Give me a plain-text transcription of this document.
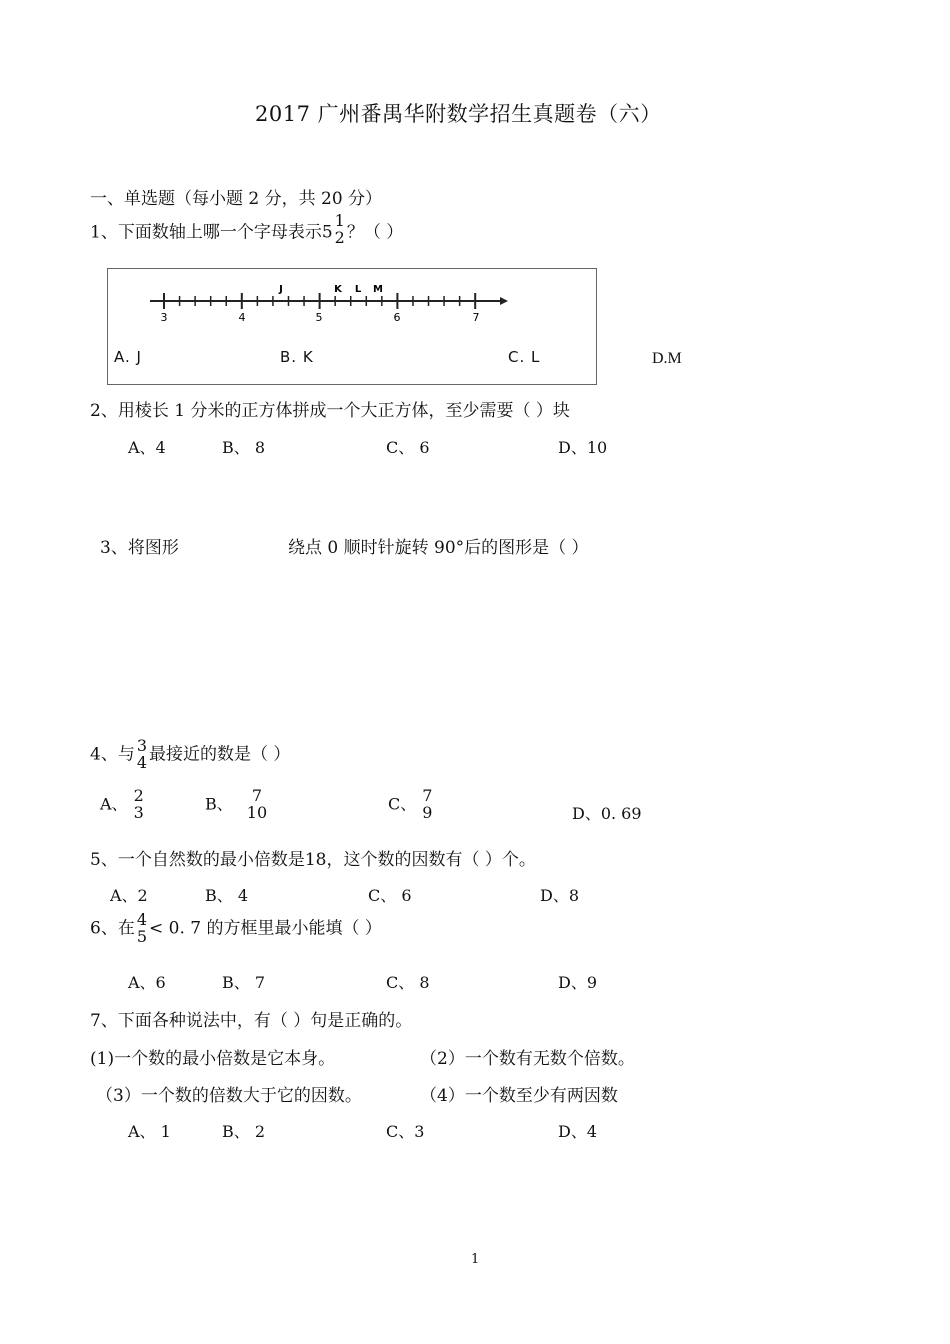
2017 广州番禺华附数学招生真题卷（六）
一、单选题（每小题 2 分，共 20 分）
1、下面数轴上哪一个字母表示5
1
2 ？（ ）
3	4	5	6	7
J	K L M
A. J	B. K	C. L	D.M
2、用棱长 1 分米的正方体拼成一个大正方体，至少需要（ ）块
A、4	B、 8	C、 6	D、10
3、将图形	绕点 0 顺时针旋转 90°后的图形是（ ）
4、与 3
4 最接近的数是（ ）
A、 2
3	B、	7
10	C、 7
9	D、0. 69
5、一个自然数的最小倍数是18，这个数的因数有（ ）个。
A、2	B、 4	C、 6	D、8
6、在 4
5 < 0. 7 的方框里最小能填（ ）
A、6	B、 7	C、 8	D、9
7、下面各种说法中，有（ ）句是正确的。
(1)一个数的最小倍数是它本身。	（2）一个数有无数个倍数。
（3）一个数的倍数大于它的因数。	（4）一个数至少有两因数
A、 1	B、 2	C、3	D、4
1
